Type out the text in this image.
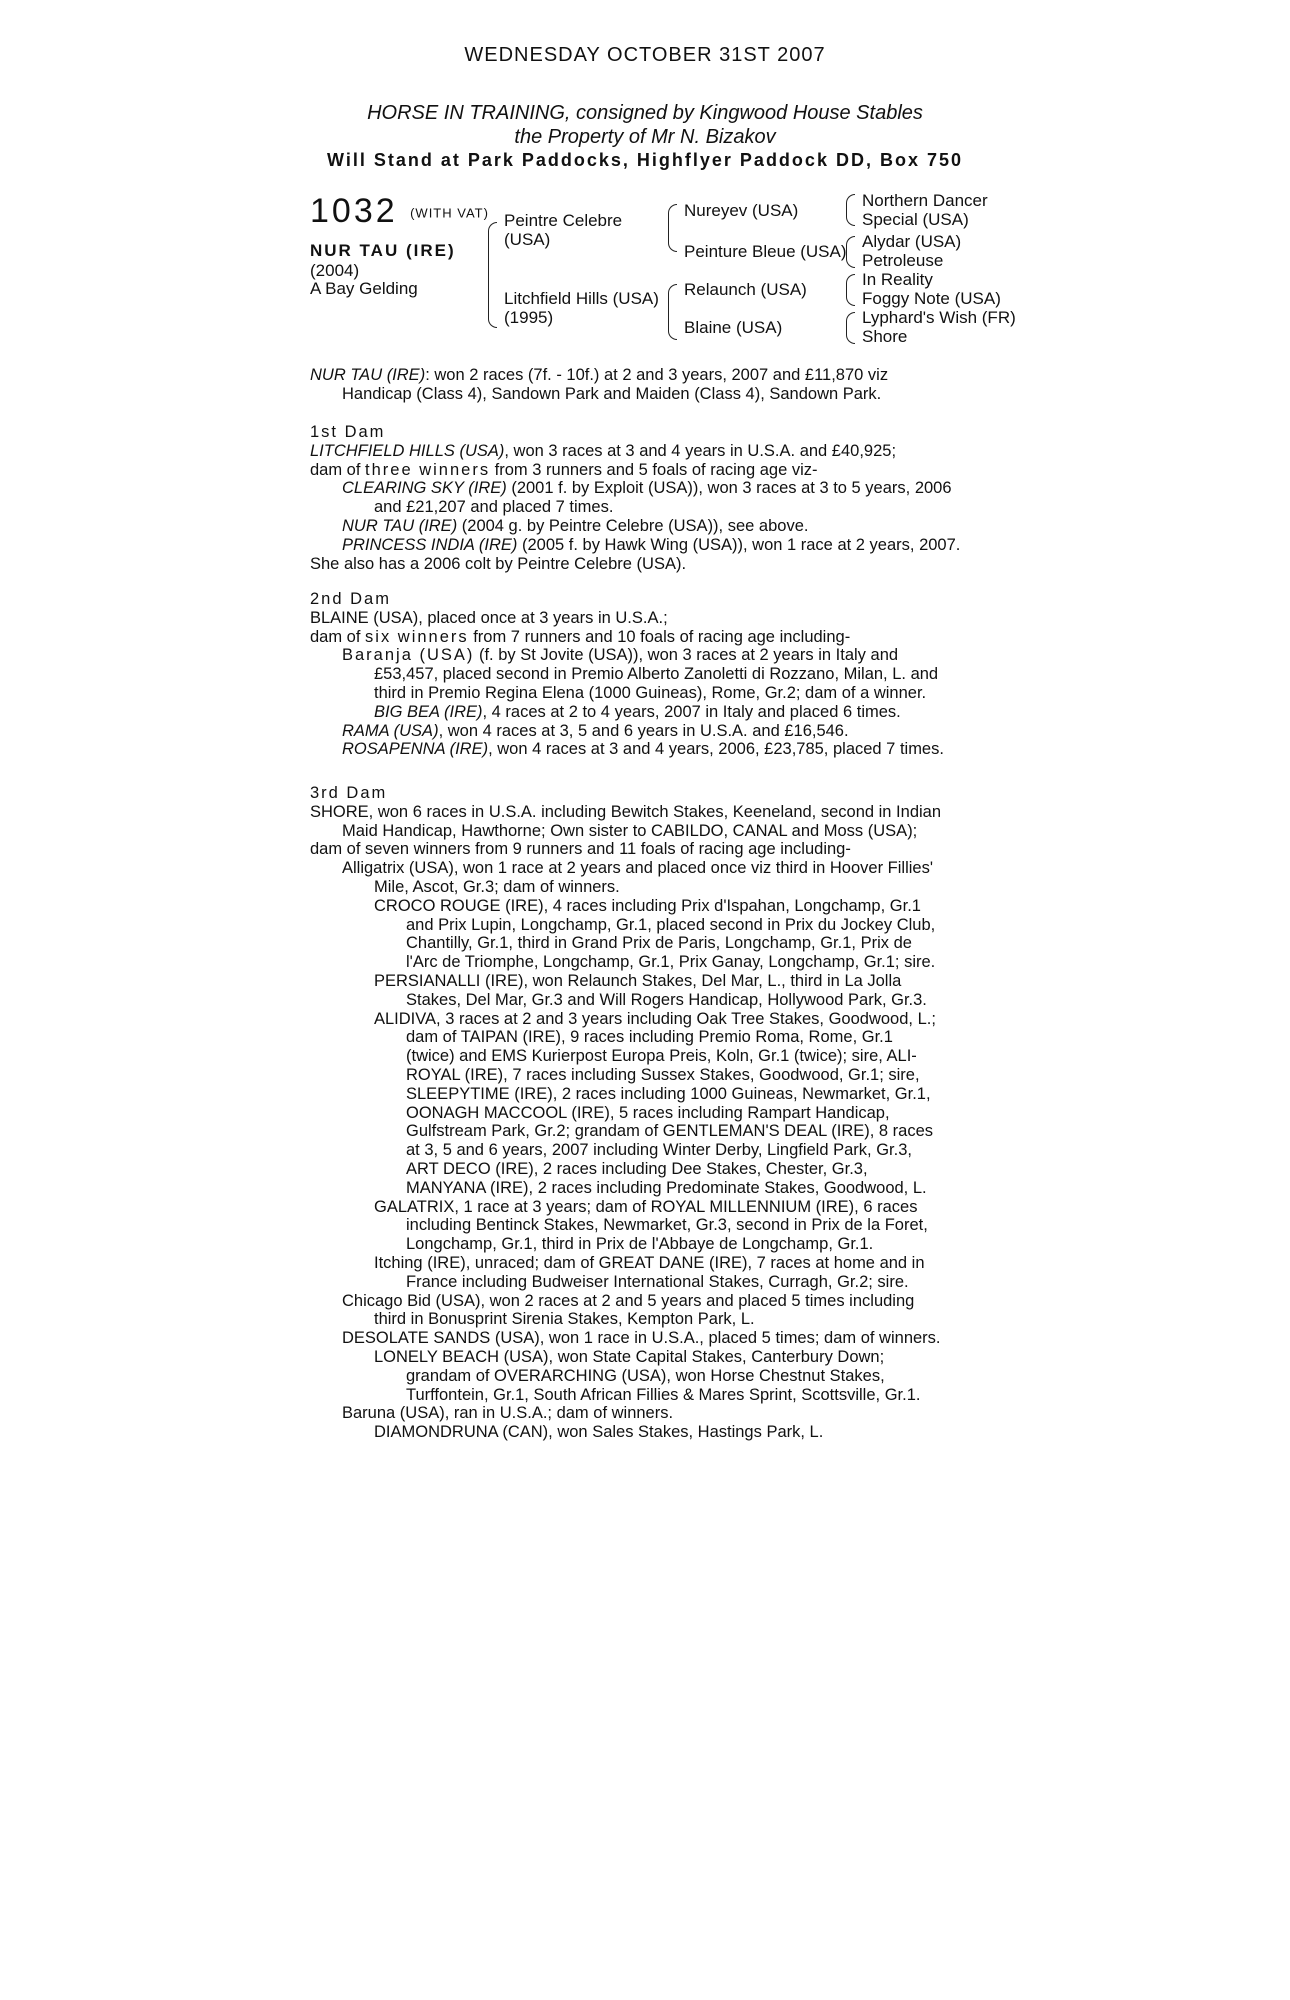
WEDNESDAY OCTOBER 31ST 2007
HORSE IN TRAINING, consigned by Kingwood House Stables
the Property of Mr N. Bizakov
Will Stand at Park Paddocks, Highflyer Paddock DD, Box 750
1032 (WITH VAT)
NUR TAU (IRE)
(2004)
A Bay Gelding
Peintre Celebre
(USA)
Litchfield Hills (USA)
(1995)
Nureyev (USA)
Peinture Bleue (USA)
Relaunch (USA)
Blaine (USA)
Northern Dancer
Special (USA)
Alydar (USA)
Petroleuse
In Reality
Foggy Note (USA)
Lyphard's Wish (FR)
Shore

NUR TAU (IRE): won 2 races (7f. - 10f.) at 2 and 3 years, 2007 and £11,870 viz

Handicap (Class 4), Sandown Park and Maiden (Class 4), Sandown Park.

1st Dam

LITCHFIELD HILLS (USA), won 3 races at 3 and 4 years in U.S.A. and £40,925;

dam of three winners from 3 runners and 5 foals of racing age viz-

CLEARING SKY (IRE) (2001 f. by Exploit (USA)), won 3 races at 3 to 5 years, 2006

and £21,207 and placed 7 times.

NUR TAU (IRE) (2004 g. by Peintre Celebre (USA)), see above.

PRINCESS INDIA (IRE) (2005 f. by Hawk Wing (USA)), won 1 race at 2 years, 2007.

She also has a 2006 colt by Peintre Celebre (USA).

2nd Dam

BLAINE (USA), placed once at 3 years in U.S.A.;

dam of six winners from 7 runners and 10 foals of racing age including-

Baranja (USA) (f. by St Jovite (USA)), won 3 races at 2 years in Italy and

£53,457, placed second in Premio Alberto Zanoletti di Rozzano, Milan, L. and

third in Premio Regina Elena (1000 Guineas), Rome, Gr.2; dam of a winner.

BIG BEA (IRE), 4 races at 2 to 4 years, 2007 in Italy and placed 6 times.

RAMA (USA), won 4 races at 3, 5 and 6 years in U.S.A. and £16,546.

ROSAPENNA (IRE), won 4 races at 3 and 4 years, 2006, £23,785, placed 7 times.

3rd Dam

SHORE, won 6 races in U.S.A. including Bewitch Stakes, Keeneland, second in Indian

Maid Handicap, Hawthorne; Own sister to CABILDO, CANAL and Moss (USA);

dam of seven winners from 9 runners and 11 foals of racing age including-

Alligatrix (USA), won 1 race at 2 years and placed once viz third in Hoover Fillies'

Mile, Ascot, Gr.3; dam of winners.

CROCO ROUGE (IRE), 4 races including Prix d'Ispahan, Longchamp, Gr.1

and Prix Lupin, Longchamp, Gr.1, placed second in Prix du Jockey Club,

Chantilly, Gr.1, third in Grand Prix de Paris, Longchamp, Gr.1, Prix de

l'Arc de Triomphe, Longchamp, Gr.1, Prix Ganay, Longchamp, Gr.1; sire.

PERSIANALLI (IRE), won Relaunch Stakes, Del Mar, L., third in La Jolla

Stakes, Del Mar, Gr.3 and Will Rogers Handicap, Hollywood Park, Gr.3.

ALIDIVA, 3 races at 2 and 3 years including Oak Tree Stakes, Goodwood, L.;

dam of TAIPAN (IRE), 9 races including Premio Roma, Rome, Gr.1

(twice) and EMS Kurierpost Europa Preis, Koln, Gr.1 (twice); sire, ALI-

ROYAL (IRE), 7 races including Sussex Stakes, Goodwood, Gr.1; sire,

SLEEPYTIME (IRE), 2 races including 1000 Guineas, Newmarket, Gr.1,

OONAGH MACCOOL (IRE), 5 races including Rampart Handicap,

Gulfstream Park, Gr.2; grandam of GENTLEMAN'S DEAL (IRE), 8 races

at 3, 5 and 6 years, 2007 including Winter Derby, Lingfield Park, Gr.3,

ART DECO (IRE), 2 races including Dee Stakes, Chester, Gr.3,

MANYANA (IRE), 2 races including Predominate Stakes, Goodwood, L.

GALATRIX, 1 race at 3 years; dam of ROYAL MILLENNIUM (IRE), 6 races

including Bentinck Stakes, Newmarket, Gr.3, second in Prix de la Foret,

Longchamp, Gr.1, third in Prix de l'Abbaye de Longchamp, Gr.1.

Itching (IRE), unraced; dam of GREAT DANE (IRE), 7 races at home and in

France including Budweiser International Stakes, Curragh, Gr.2; sire.

Chicago Bid (USA), won 2 races at 2 and 5 years and placed 5 times including

third in Bonusprint Sirenia Stakes, Kempton Park, L.

DESOLATE SANDS (USA), won 1 race in U.S.A., placed 5 times; dam of winners.

LONELY BEACH (USA), won State Capital Stakes, Canterbury Down;

grandam of OVERARCHING (USA), won Horse Chestnut Stakes,

Turffontein, Gr.1, South African Fillies & Mares Sprint, Scottsville, Gr.1.

Baruna (USA), ran in U.S.A.; dam of winners.

DIAMONDRUNA (CAN), won Sales Stakes, Hastings Park, L.
